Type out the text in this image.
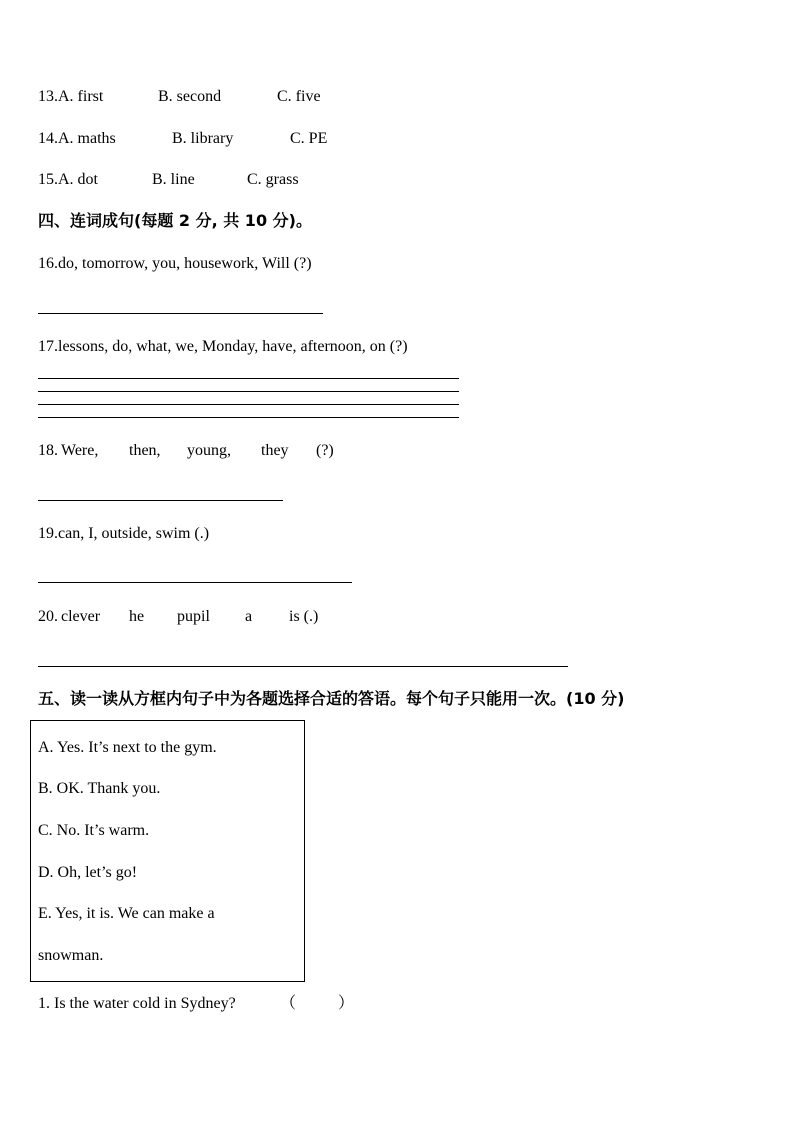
13.A. first	B. second	C. five
14.A. maths	B. library	C. PE
15.A. dot	B. line	C. grass
四、连词成句(每题 2 分, 共 10 分)。
16.do, tomorrow, you, housework, Will (?)
17.lessons, do, what, we, Monday, have, afternoon, on (?)
18. Were, then, young, they (?)
19.can, I, outside, swim (.)
20. clever he pupil a is (.)
五、读一读从方框内句子中为各题选择合适的答语。每个句子只能用一次。(10 分)
A. Yes. It’s next to the gym.
B. OK. Thank you.
C. No. It’s warm.
D. Oh, let’s go!
E. Yes, it is. We can make a
snowman.
1. Is the water cold in Sydney?	（	）
